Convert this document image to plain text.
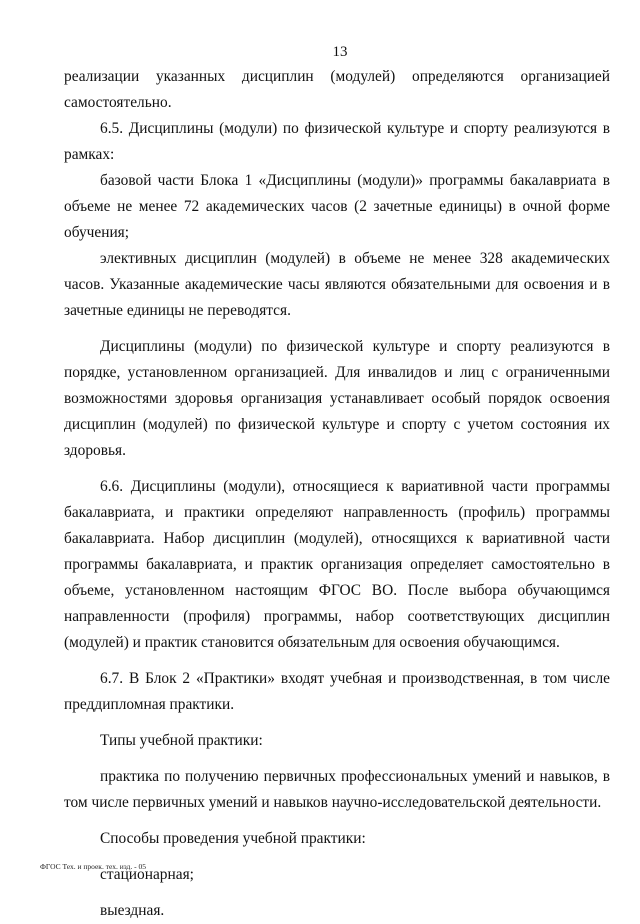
13

реализации указанных дисциплин (модулей) определяются организацией самостоятельно.

6.5. Дисциплины (модули) по физической культуре и спорту реализуются в рамках:

базовой части Блока 1 «Дисциплины (модули)» программы бакалавриата в объеме не менее 72 академических часов (2 зачетные единицы) в очной форме обучения;

элективных дисциплин (модулей) в объеме не менее 328 академических часов. Указанные академические часы являются обязательными для освоения и в зачетные единицы не переводятся.

Дисциплины (модули) по физической культуре и спорту реализуются в порядке, установленном организацией. Для инвалидов и лиц с ограниченными возможностями здоровья организация устанавливает особый порядок освоения дисциплин (модулей) по физической культуре и спорту с учетом состояния их здоровья.

6.6. Дисциплины (модули), относящиеся к вариативной части программы бакалавриата, и практики определяют направленность (профиль) программы бакалавриата. Набор дисциплин (модулей), относящихся к вариативной части программы бакалавриата, и практик организация определяет самостоятельно в объеме, установленном настоящим ФГОС ВО. После выбора обучающимся направленности (профиля) программы, набор соответствующих дисциплин (модулей) и практик становится обязательным для освоения обучающимся.

6.7. В Блок 2 «Практики» входят учебная и производственная, в том числе преддипломная практики.

Типы учебной практики:

практика по получению первичных профессиональных умений и навыков, в том числе первичных умений и навыков научно-исследовательской деятельности.

Способы проведения учебной практики:

стационарная;

выездная.

ФГОС Тех. и проек. тех. изд. - 05
